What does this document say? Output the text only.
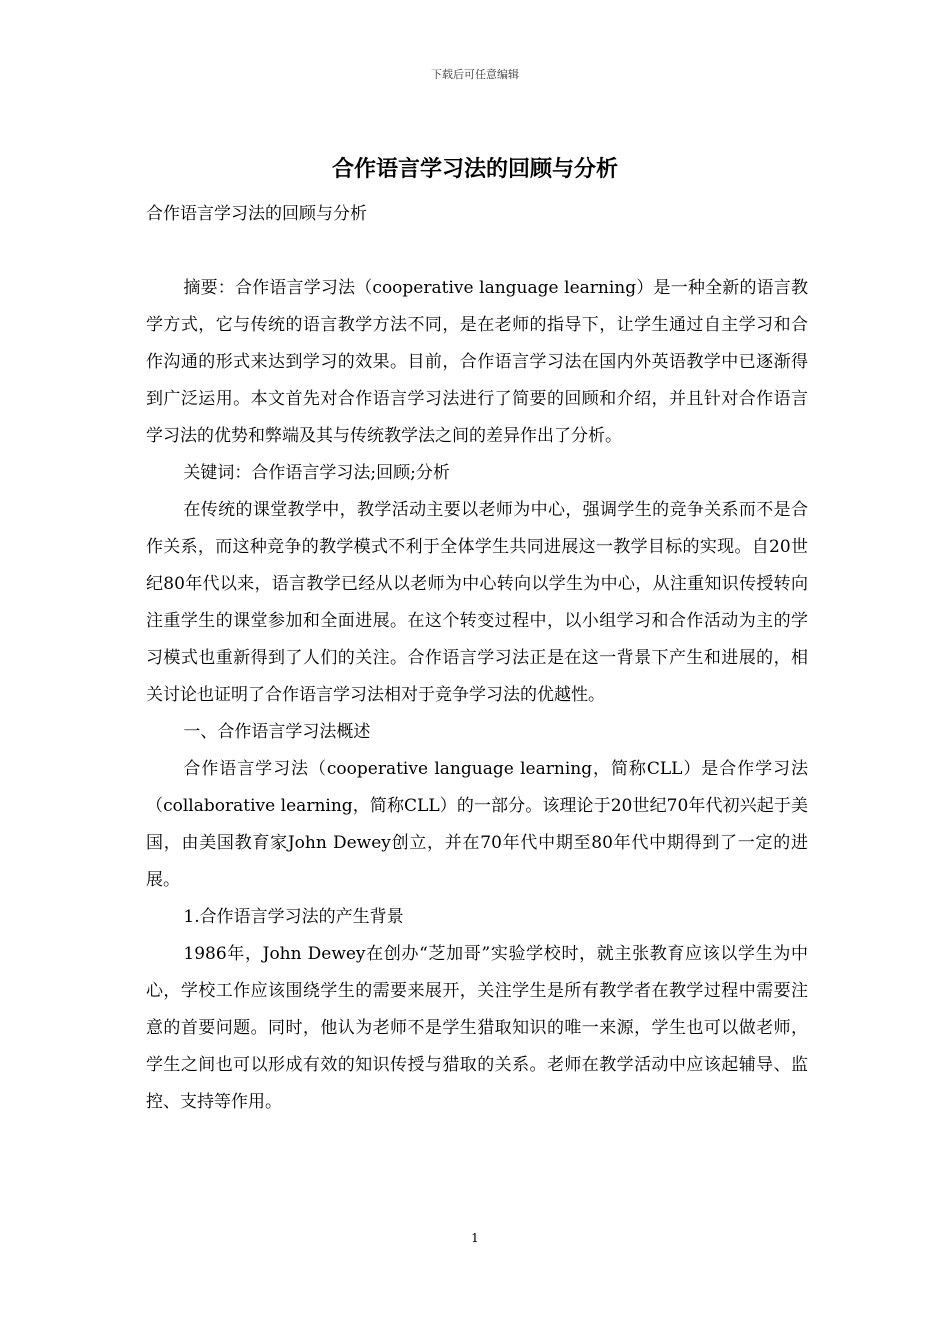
下载后可任意编辑
合作语言学习法的回顾与分析

合作语言学习法的回顾与分析

摘要：合作语言学习法（cooperative language learning）是一种全新的语言教学方式，它与传统的语言教学方法不同，是在老师的指导下，让学生通过自主学习和合作沟通的形式来达到学习的效果。目前，合作语言学习法在国内外英语教学中已逐渐得到广泛运用。本文首先对合作语言学习法进行了简要的回顾和介绍，并且针对合作语言学习法的优势和弊端及其与传统教学法之间的差异作出了分析。

关键词：合作语言学习法;回顾;分析

在传统的课堂教学中，教学活动主要以老师为中心，强调学生的竞争关系而不是合作关系，而这种竞争的教学模式不利于全体学生共同进展这一教学目标的实现。自20世纪80年代以来，语言教学已经从以老师为中心转向以学生为中心，从注重知识传授转向注重学生的课堂参加和全面进展。在这个转变过程中，以小组学习和合作活动为主的学习模式也重新得到了人们的关注。合作语言学习法正是在这一背景下产生和进展的，相关讨论也证明了合作语言学习法相对于竞争学习法的优越性。

一、合作语言学习法概述

合作语言学习法（cooperative language learning，简称CLL）是合作学习法（collaborative learning，简称CLL）的一部分。该理论于20世纪70年代初兴起于美国，由美国教育家John Dewey创立，并在70年代中期至80年代中期得到了一定的进展。

1.合作语言学习法的产生背景

1986年，John Dewey在创办“芝加哥”实验学校时，就主张教育应该以学生为中心，学校工作应该围绕学生的需要来展开，关注学生是所有教学者在教学过程中需要注意的首要问题。同时，他认为老师不是学生猎取知识的唯一来源，学生也可以做老师，学生之间也可以形成有效的知识传授与猎取的关系。老师在教学活动中应该起辅导、监控、支持等作用。

1
